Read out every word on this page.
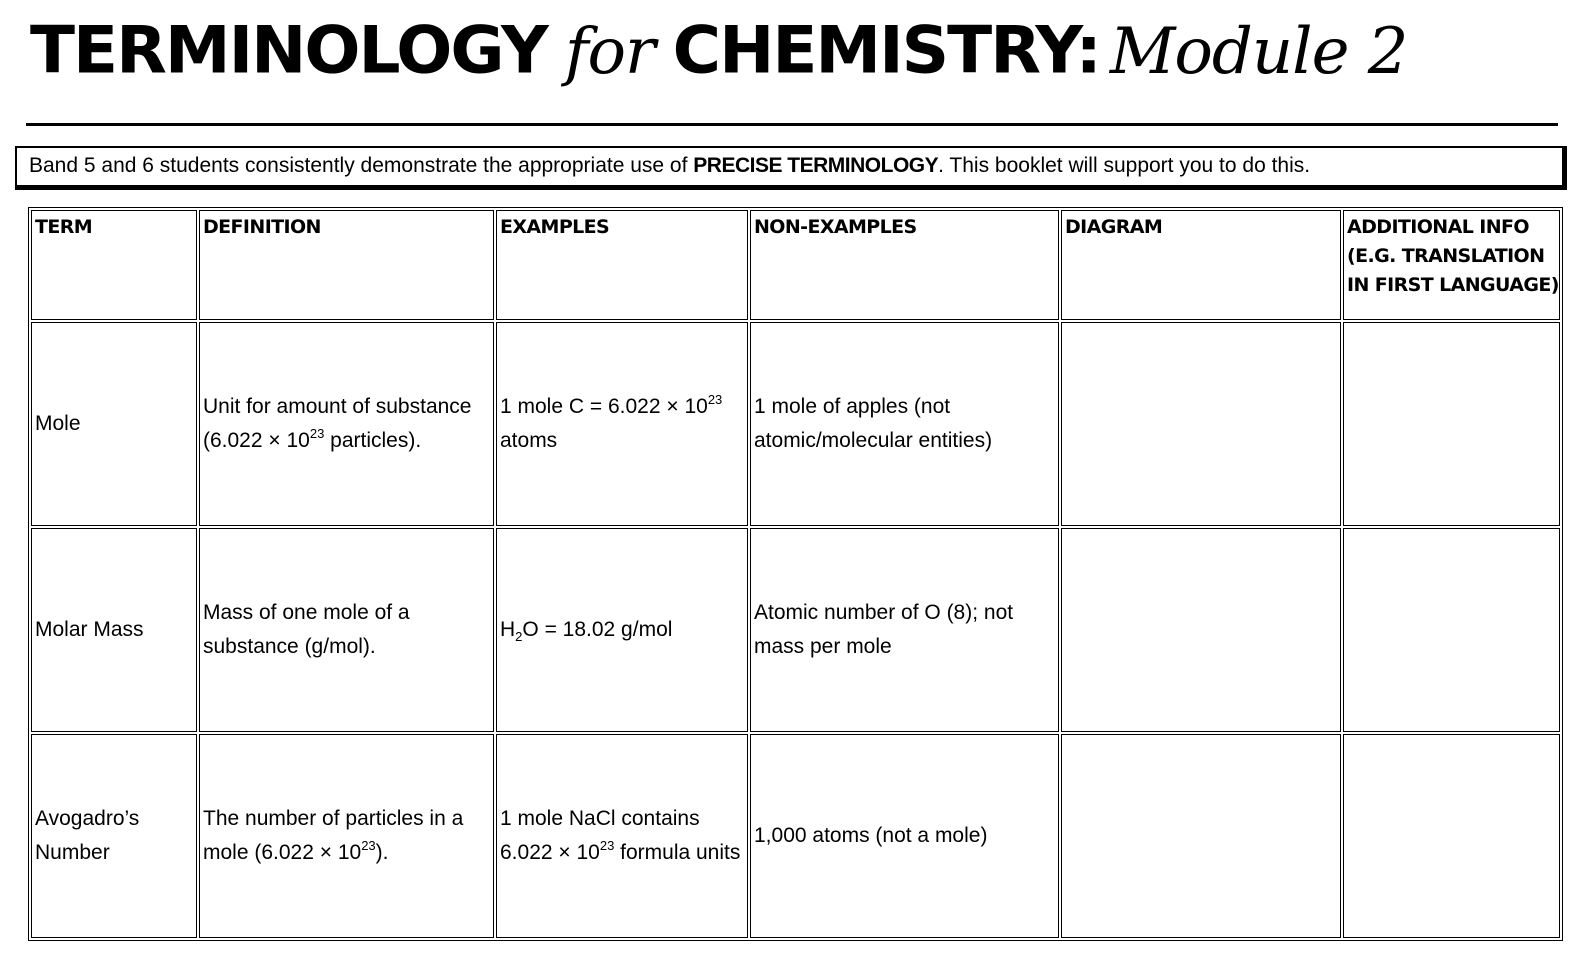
TERMINOLOGY for CHEMISTRY: Module 2
Band 5 and 6 students consistently demonstrate the appropriate use of PRECISE TERMINOLOGY. This booklet will support you to do this.
TERM	DEFINITION	EXAMPLES	NON-EXAMPLES	DIAGRAM	ADDITIONAL INFO (E.G. TRANSLATION IN FIRST LANGUAGE)
Mole	Unit for amount of substance ($6.022 \times 10^{23}$ particles).	1 mole $C = 6.022 \times 10^{23}$ atoms	1 mole of apples (not atomic/molecular entities)		
Molar Mass	Mass of one mole of a substance (g/mol).	$H_2O = 18.02$ g/mol	Atomic number of O (8); not mass per mole		
Avogadro’s Number	The number of particles in a mole $(6.022 \times 10^{23})$.	1 mole NaCl contains $6.022 \times 10^{23}$ formula units	1,000 atoms (not a mole)		
